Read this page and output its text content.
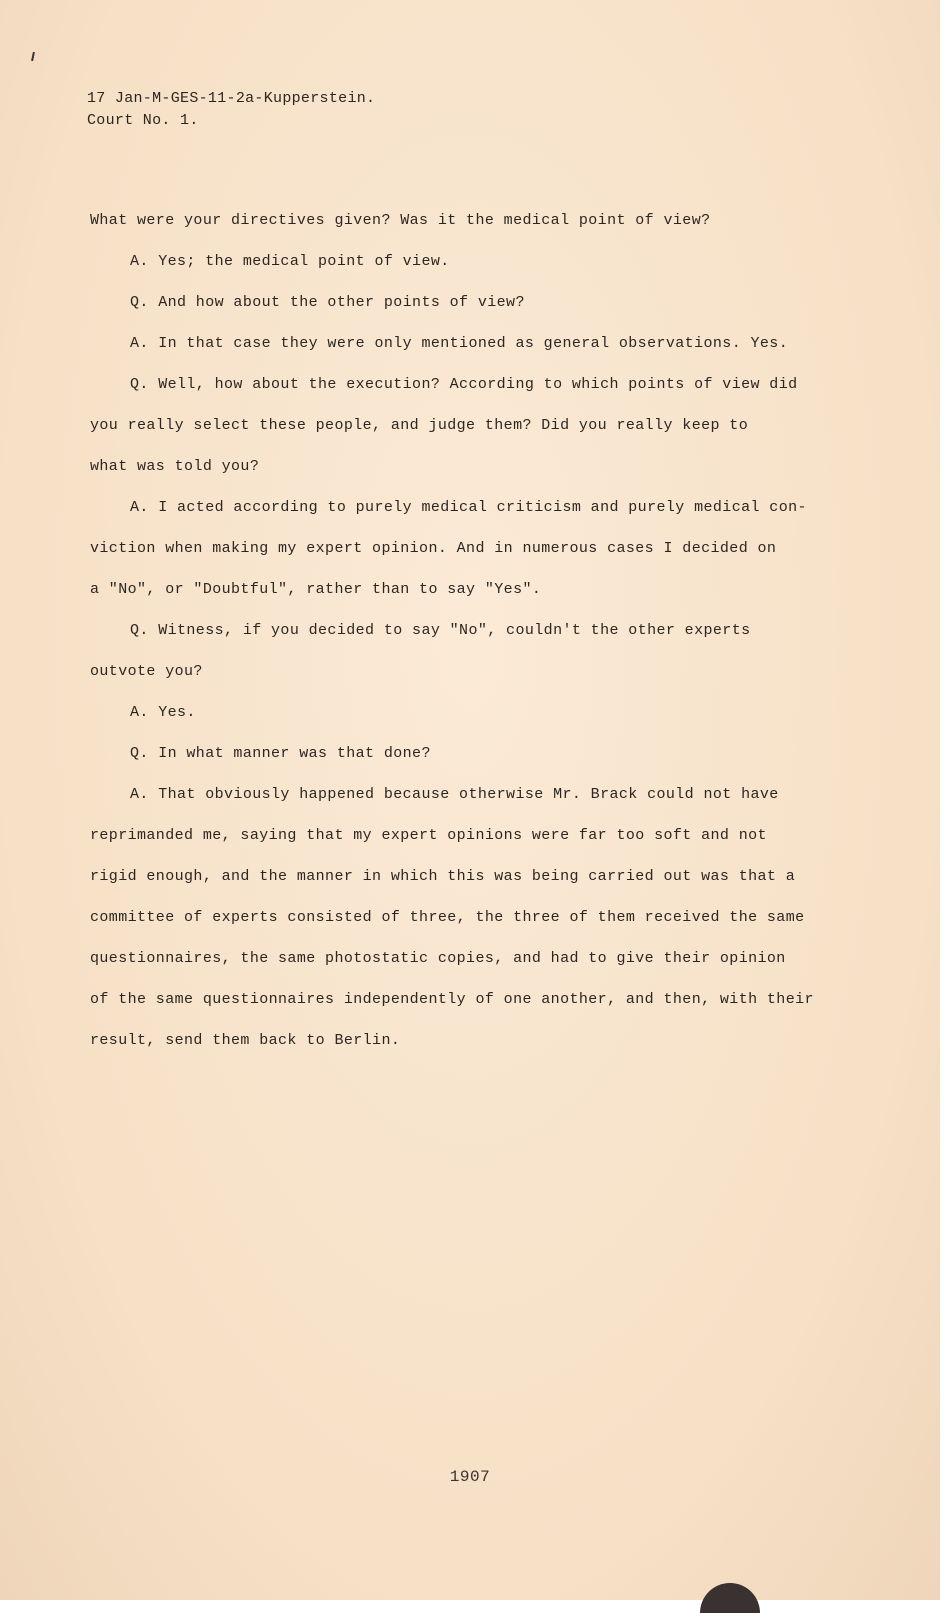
17 Jan-M-GES-11-2a-Kupperstein.
Court No. 1.
What were your directives given? Was it the medical point of view?
A. Yes; the medical point of view.
Q. And how about the other points of view?
A. In that case they were only mentioned as general observations. Yes.
Q. Well, how about the execution? According to which points of view did
you really select these people, and judge them? Did you really keep to
what was told you?
A. I acted according to purely medical criticism and purely medical con-
viction when making my expert opinion. And in numerous cases I decided on
a "No", or "Doubtful", rather than to say "Yes".
Q. Witness, if you decided to say "No", couldn't the other experts
outvote you?
A. Yes.
Q. In what manner was that done?
A. That obviously happened because otherwise Mr. Brack could not have
reprimanded me, saying that my expert opinions were far too soft and not
rigid enough, and the manner in which this was being carried out was that a
committee of experts consisted of three, the three of them received the same
questionnaires, the same photostatic copies, and had to give their opinion
of the same questionnaires independently of one another, and then, with their
result, send them back to Berlin.
1907
